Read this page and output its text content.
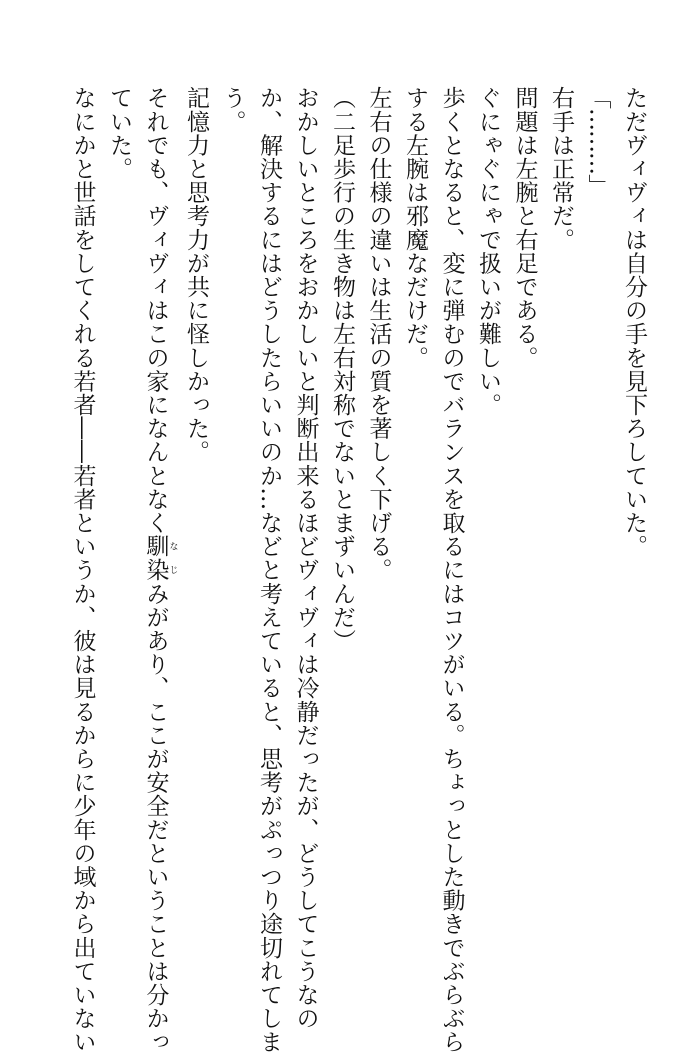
ただヴィヴィは自分の手を見下ろしていた。
「………」
右手は正常だ。
問題は左腕と右足である。
ぐにゃぐにゃで扱いが難しい。
歩くとなると、変に弾むのでバランスを取るにはコツがいる。ちょっとした動きでぶらぶら
する左腕は邪魔なだけだ。
左右の仕様の違いは生活の質を著しく下げる。
（二足歩行の生き物は左右対称でないとまずいんだ）
おかしいところをおかしいと判断出来るほどヴィヴィは冷静だったが、どうしてこうなの
か、解決するにはどうしたらいいのか…などと考えていると、思考がぷっつり途切れてしま
う。
記憶力と思考力が共に怪しかった。
それでも、ヴィヴィはこの家になんとなく馴染 なじみがあり、ここが安全だということは分かっ
ていた。
なにかと世話をしてくれる若者――若者というか、彼は見るからに少年の域から出ていない
